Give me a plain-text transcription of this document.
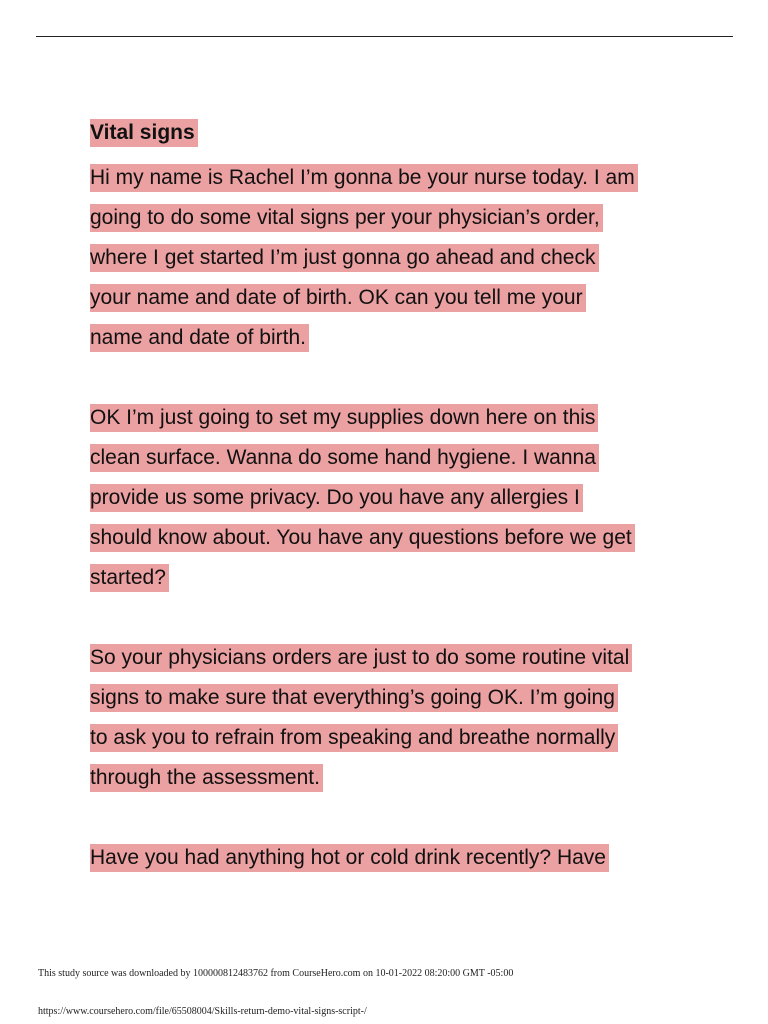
Vital signs
Hi my name is Rachel I’m gonna be your nurse today. I am
going to do some vital signs per your physician’s order,
where I get started I’m just gonna go ahead and check
your name and date of birth. OK can you tell me your
name and date of birth.
OK I’m just going to set my supplies down here on this
clean surface. Wanna do some hand hygiene. I wanna
provide us some privacy. Do you have any allergies I
should know about. You have any questions before we get
started?
So your physicians orders are just to do some routine vital
signs to make sure that everything’s going OK. I’m going
to ask you to refrain from speaking and breathe normally
through the assessment.
Have you had anything hot or cold drink recently? Have
This study source was downloaded by 100000812483762 from CourseHero.com on 10-01-2022 08:20:00 GMT -05:00
https://www.coursehero.com/file/65508004/Skills-return-demo-vital-signs-script-/
